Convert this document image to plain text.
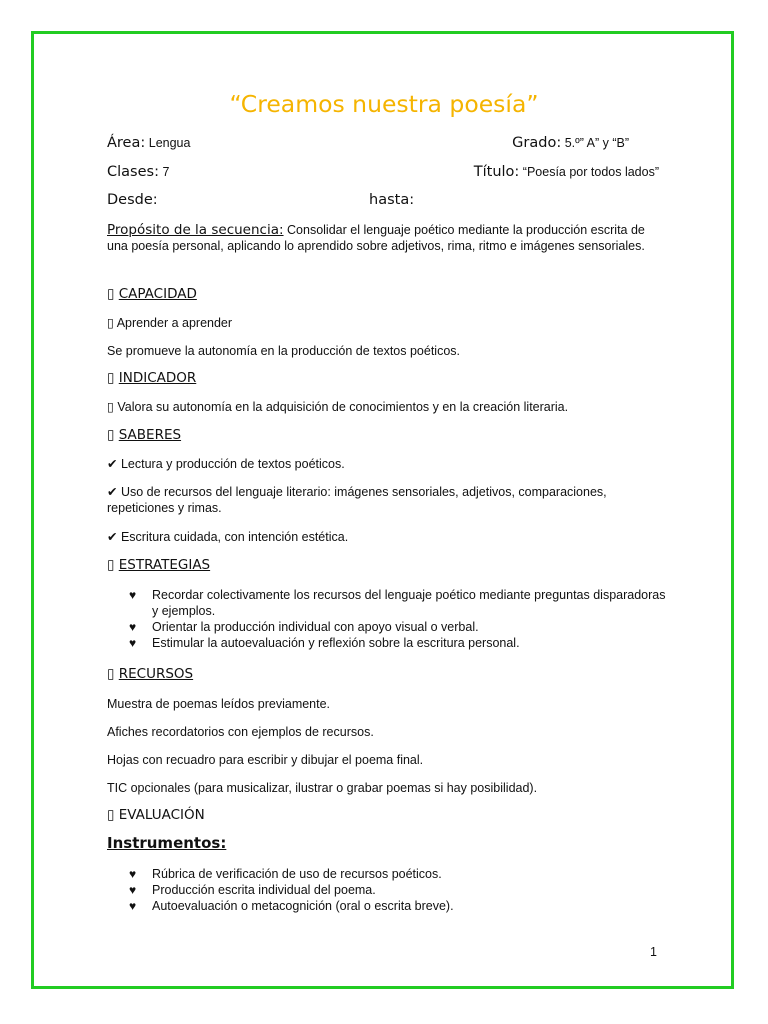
“Creamos nuestra poesía”
Área: Lengua	Grado: 5.º” A” y “B”
Clases: 7	Título: “Poesía por todos lados”
Desde:	hasta:
Propósito de la secuencia: Consolidar el lenguaje poético mediante la producción escrita de una poesía personal, aplicando lo aprendido sobre adjetivos, rima, ritmo e imágenes sensoriales.
▯ CAPACIDAD
▯ Aprender a aprender
Se promueve la autonomía en la producción de textos poéticos.
▯ INDICADOR
▯ Valora su autonomía en la adquisición de conocimientos y en la creación literaria.
▯ SABERES
✔ Lectura y producción de textos poéticos.
✔ Uso de recursos del lenguaje literario: imágenes sensoriales, adjetivos, comparaciones, repeticiones y rimas.
✔ Escritura cuidada, con intención estética.
▯ ESTRATEGIAS
♥ Recordar colectivamente los recursos del lenguaje poético mediante preguntas disparadoras y ejemplos.
♥ Orientar la producción individual con apoyo visual o verbal.
♥ Estimular la autoevaluación y reflexión sobre la escritura personal.
▯ RECURSOS
Muestra de poemas leídos previamente.
Afiches recordatorios con ejemplos de recursos.
Hojas con recuadro para escribir y dibujar el poema final.
TIC opcionales (para musicalizar, ilustrar o grabar poemas si hay posibilidad).
▯ EVALUACIÓN
Instrumentos:
♥ Rúbrica de verificación de uso de recursos poéticos.
♥ Producción escrita individual del poema.
♥ Autoevaluación o metacognición (oral o escrita breve).
1
